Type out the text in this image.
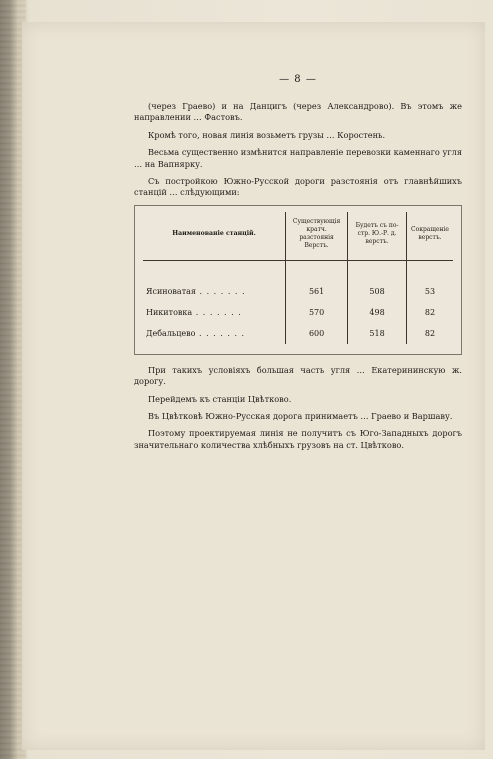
— 8 —

(через Граево) и на Данцигъ (через Александрово). Въ этомъ же направлении … Фастовъ.

Кромѣ того, новая линія возьметъ грузы … Коростень.

Весьма существенно измѣнится направленіе перевозки каменнаго угля … на Вапнярку.

Съ постройкою Южно-Русской дороги разстоянія отъ главнѣйшихъ станцій … слѣдующими:

Наименованіе станцій.	Существующія кратч. разстоянія Верстъ.	Будетъ съ по-стр. Ю.-Р. д. верстъ.	Сокращеніе верстъ.

Ясиноватая . . .	561	508	53
Никитовка . . .	570	498	82
Дебальцево . . .	600	518	82

При такихъ условіяхъ большая часть угля … Екатерининскую ж. дорогу.

Перейдемъ къ станціи Цвѣтково.

Въ Цвѣтковѣ Южно-Русская дорога принимаетъ … Граево и Варшаву.

Поэтому проектируемая линія не получитъ съ Юго-Западныхъ дорогъ значительнаго количества хлѣбныхъ грузовъ на ст. Цвѣтково.
